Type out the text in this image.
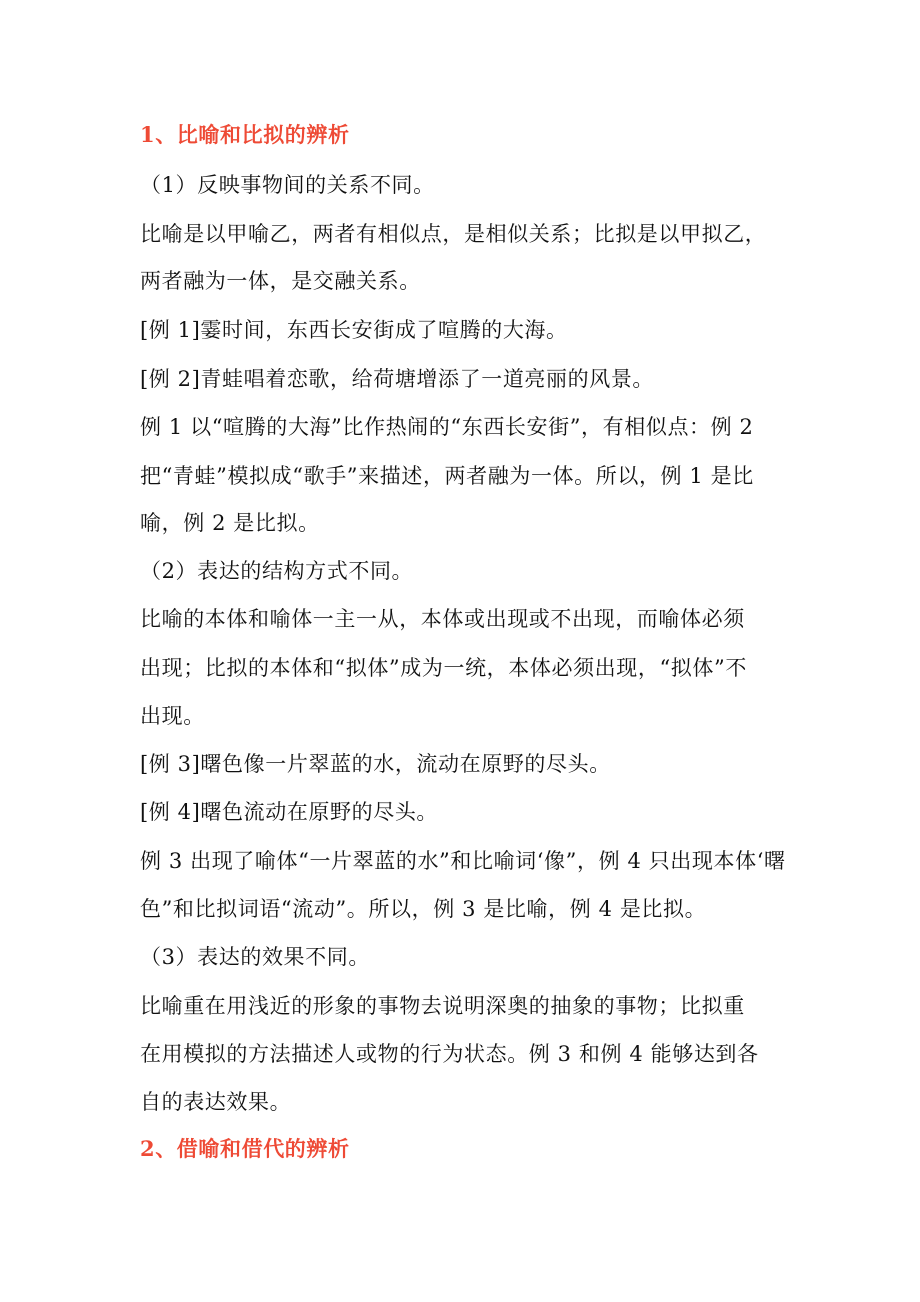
1、比喻和比拟的辨析
（1）反映事物间的关系不同。
比喻是以甲喻乙，两者有相似点，是相似关系；比拟是以甲拟乙，
两者融为一体，是交融关系。
[例 1]霎时间，东西长安街成了喧腾的大海。
[例 2]青蛙唱着恋歌，给荷塘增添了一道亮丽的风景。
例 1 以“喧腾的大海”比作热闹的“东西长安街”，有相似点：例 2
把“青蛙”模拟成“歌手”来描述，两者融为一体。所以，例 1 是比
喻，例 2 是比拟。
（2）表达的结构方式不同。
比喻的本体和喻体一主一从，本体或出现或不出现，而喻体必须
出现；比拟的本体和“拟体”成为一统，本体必须出现，“拟体”不
出现。
[例 3]曙色像一片翠蓝的水，流动在原野的尽头。
[例 4]曙色流动在原野的尽头。
例 3 出现了喻体“一片翠蓝的水”和比喻词‘像”，例 4 只出现本体‘曙
色”和比拟词语“流动”。所以，例 3 是比喻，例 4 是比拟。
（3）表达的效果不同。
比喻重在用浅近的形象的事物去说明深奥的抽象的事物；比拟重
在用模拟的方法描述人或物的行为状态。例 3 和例 4 能够达到各
自的表达效果。
2、借喻和借代的辨析
